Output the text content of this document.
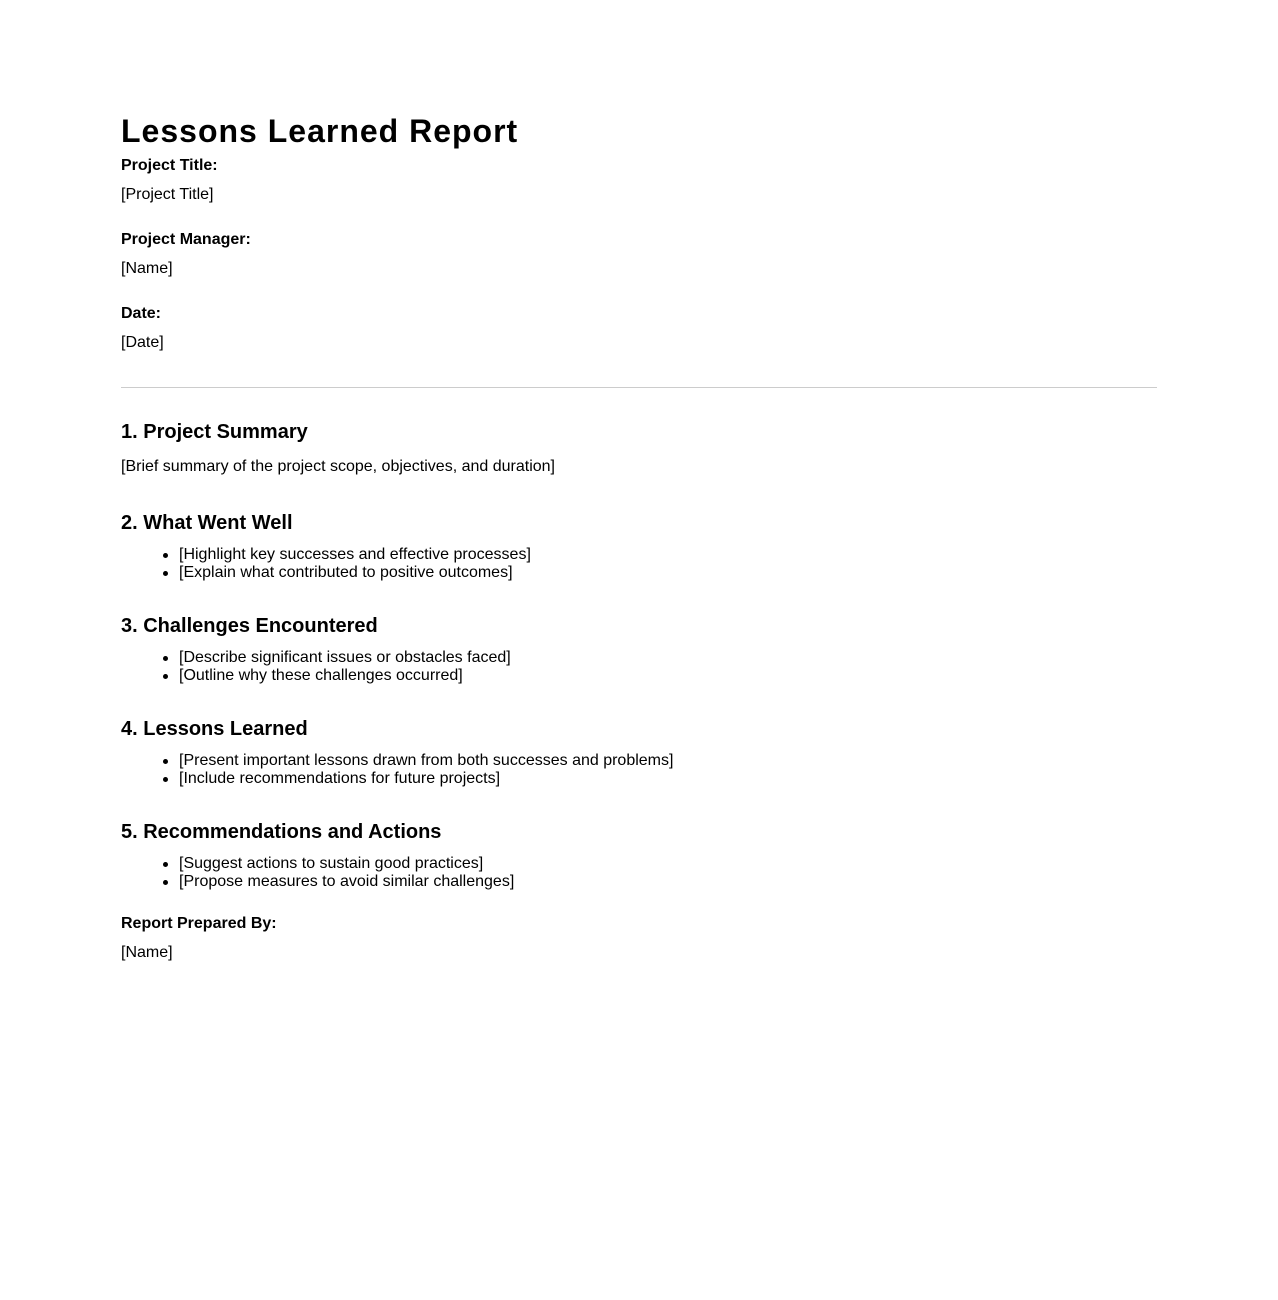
Lessons Learned Report
Project Title:
[Project Title]
Project Manager:
[Name]
Date:
[Date]
1. Project Summary
[Brief summary of the project scope, objectives, and duration]
2. What Went Well
[Highlight key successes and effective processes]
[Explain what contributed to positive outcomes]
3. Challenges Encountered
[Describe significant issues or obstacles faced]
[Outline why these challenges occurred]
4. Lessons Learned
[Present important lessons drawn from both successes and problems]
[Include recommendations for future projects]
5. Recommendations and Actions
[Suggest actions to sustain good practices]
[Propose measures to avoid similar challenges]
Report Prepared By:
[Name]
